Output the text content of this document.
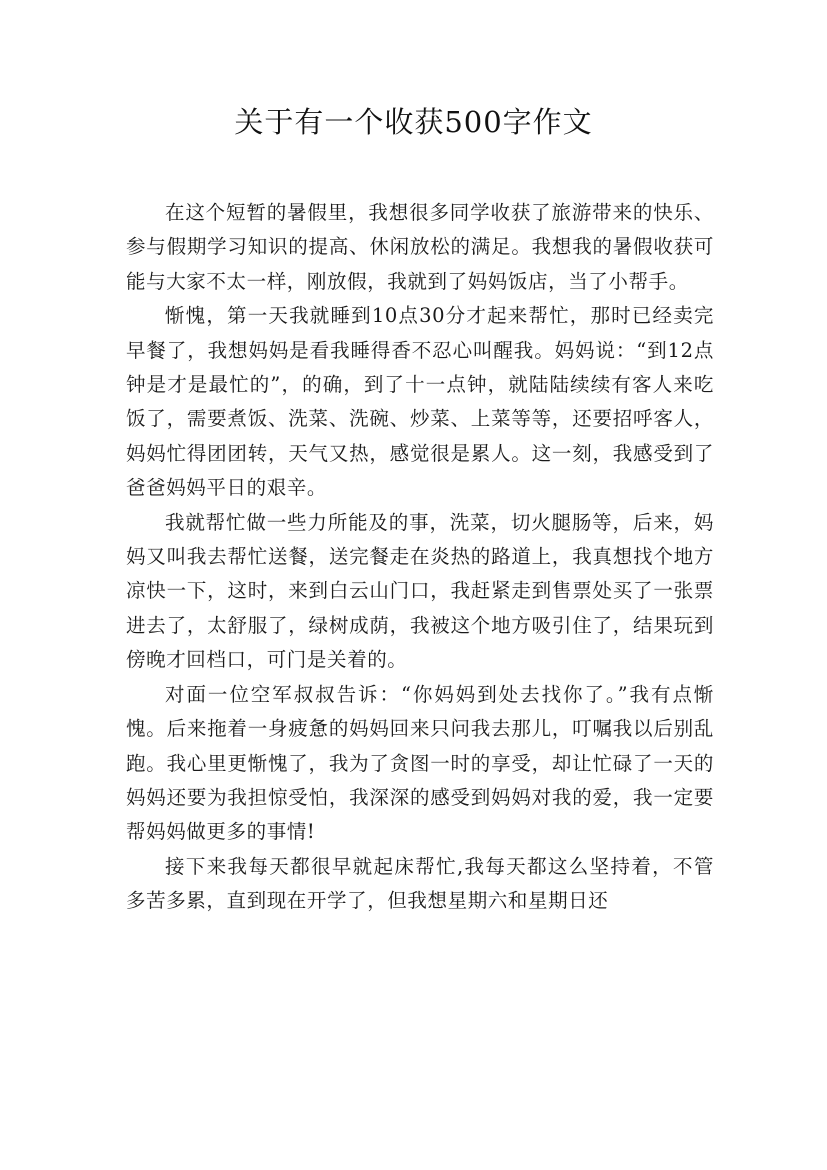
关于有一个收获500字作文

在这个短暂的暑假里，我想很多同学收获了旅游带来的快乐、参与假期学习知识的提高、休闲放松的满足。我想我的暑假收获可能与大家不太一样，刚放假，我就到了妈妈饭店，当了小帮手。

惭愧，第一天我就睡到10点30分才起来帮忙，那时已经卖完早餐了，我想妈妈是看我睡得香不忍心叫醒我。妈妈说：“到12点钟是才是最忙的”，的确，到了十一点钟，就陆陆续续有客人来吃饭了，需要煮饭、洗菜、洗碗、炒菜、上菜等等，还要招呼客人，妈妈忙得团团转，天气又热，感觉很是累人。这一刻，我感受到了爸爸妈妈平日的艰辛。

我就帮忙做一些力所能及的事，洗菜，切火腿肠等，后来，妈妈又叫我去帮忙送餐，送完餐走在炎热的路道上，我真想找个地方凉快一下，这时，来到白云山门口，我赶紧走到售票处买了一张票进去了，太舒服了，绿树成荫，我被这个地方吸引住了，结果玩到傍晚才回档口，可门是关着的。

对面一位空军叔叔告诉：“你妈妈到处去找你了。”我有点惭愧。后来拖着一身疲惫的妈妈回来只问我去那儿，叮嘱我以后别乱跑。我心里更惭愧了，我为了贪图一时的享受，却让忙碌了一天的妈妈还要为我担惊受怕，我深深的感受到妈妈对我的爱，我一定要帮妈妈做更多的事情!

接下来我每天都很早就起床帮忙,我每天都这么坚持着，不管多苦多累，直到现在开学了，但我想星期六和星期日还
